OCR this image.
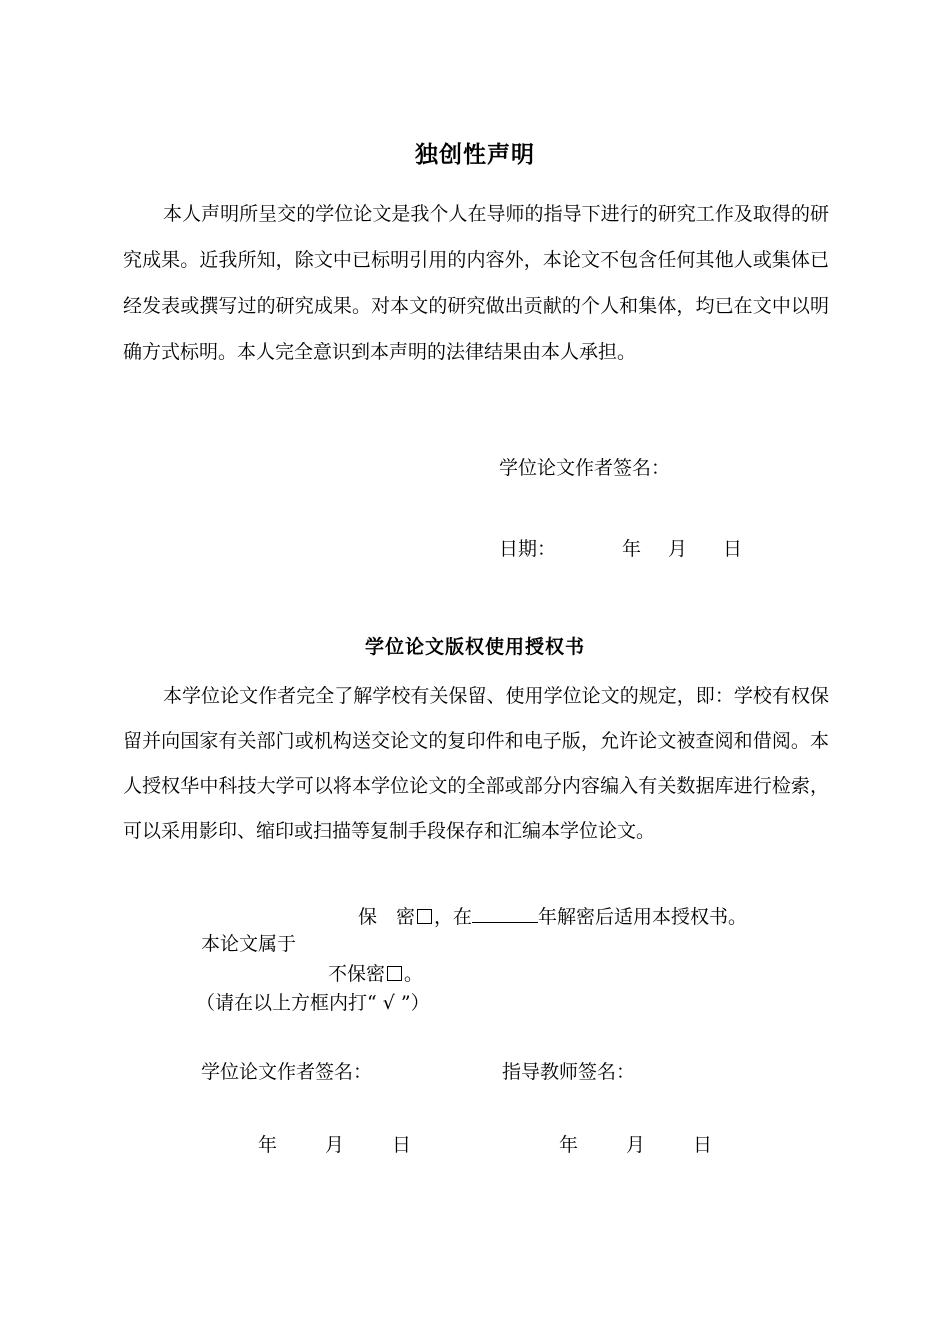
独创性声明

本人声明所呈交的学位论文是我个人在导师的指导下进行的研究工作及取得的研究成果。近我所知，除文中已标明引用的内容外，本论文不包含任何其他人或集体已经发表或撰写过的研究成果。对本文的研究做出贡献的个人和集体，均已在文中以明确方式标明。本人完全意识到本声明的法律结果由本人承担。

学位论文作者签名：
日期：	年 月 日
学位论文版权使用授权书

本学位论文作者完全了解学校有关保留、使用学位论文的规定，即：学校有权保留并向国家有关部门或机构送交论文的复印件和电子版，允许论文被查阅和借阅。本人授权华中科技大学可以将本学位论文的全部或部分内容编入有关数据库进行检索，可以采用影印、缩印或扫描等复制手段保存和汇编本学位论文。

保　密 ，在	年解密后适用本授权书。
本论文属于
不保密 。
（请在以上方框内打“ √ ”）
学位论文作者签名：	指导教师签名：
年	月	日	年	月	日
